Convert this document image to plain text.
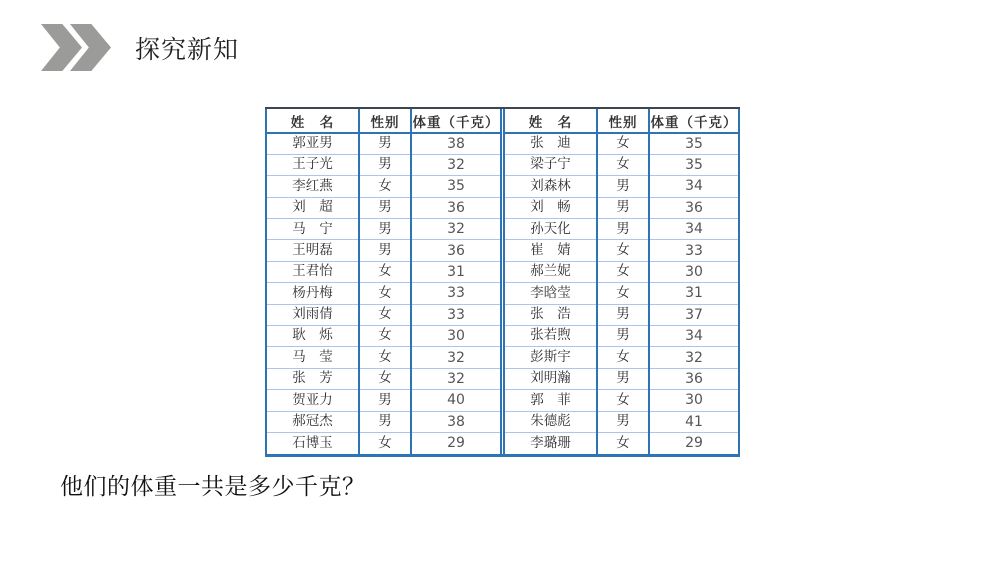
探究新知
姓　名	性别	体重（千克）
郭亚男	男	38
王子光	男	32
李红燕	女	35
刘　超	男	36
马　宁	男	32
王明磊	男	36
王君怡	女	31
杨丹梅	女	33
刘雨倩	女	33
耿　烁	女	30
马　莹	女	32
张　芳	女	32
贺亚力	男	40
郝冠杰	男	38
石博玉	女	29
姓　名	性别	体重（千克）
张　迪	女	35
梁子宁	女	35
刘森林	男	34
刘　畅	男	36
孙天化	男	34
崔　婧	女	33
郝兰妮	女	30
李晗莹	女	31
张　浩	男	37
张若煦	男	34
彭斯宇	女	32
刘明瀚	男	36
郭　菲	女	30
朱德彪	男	41
李璐珊	女	29
他们的体重一共是多少千克？
